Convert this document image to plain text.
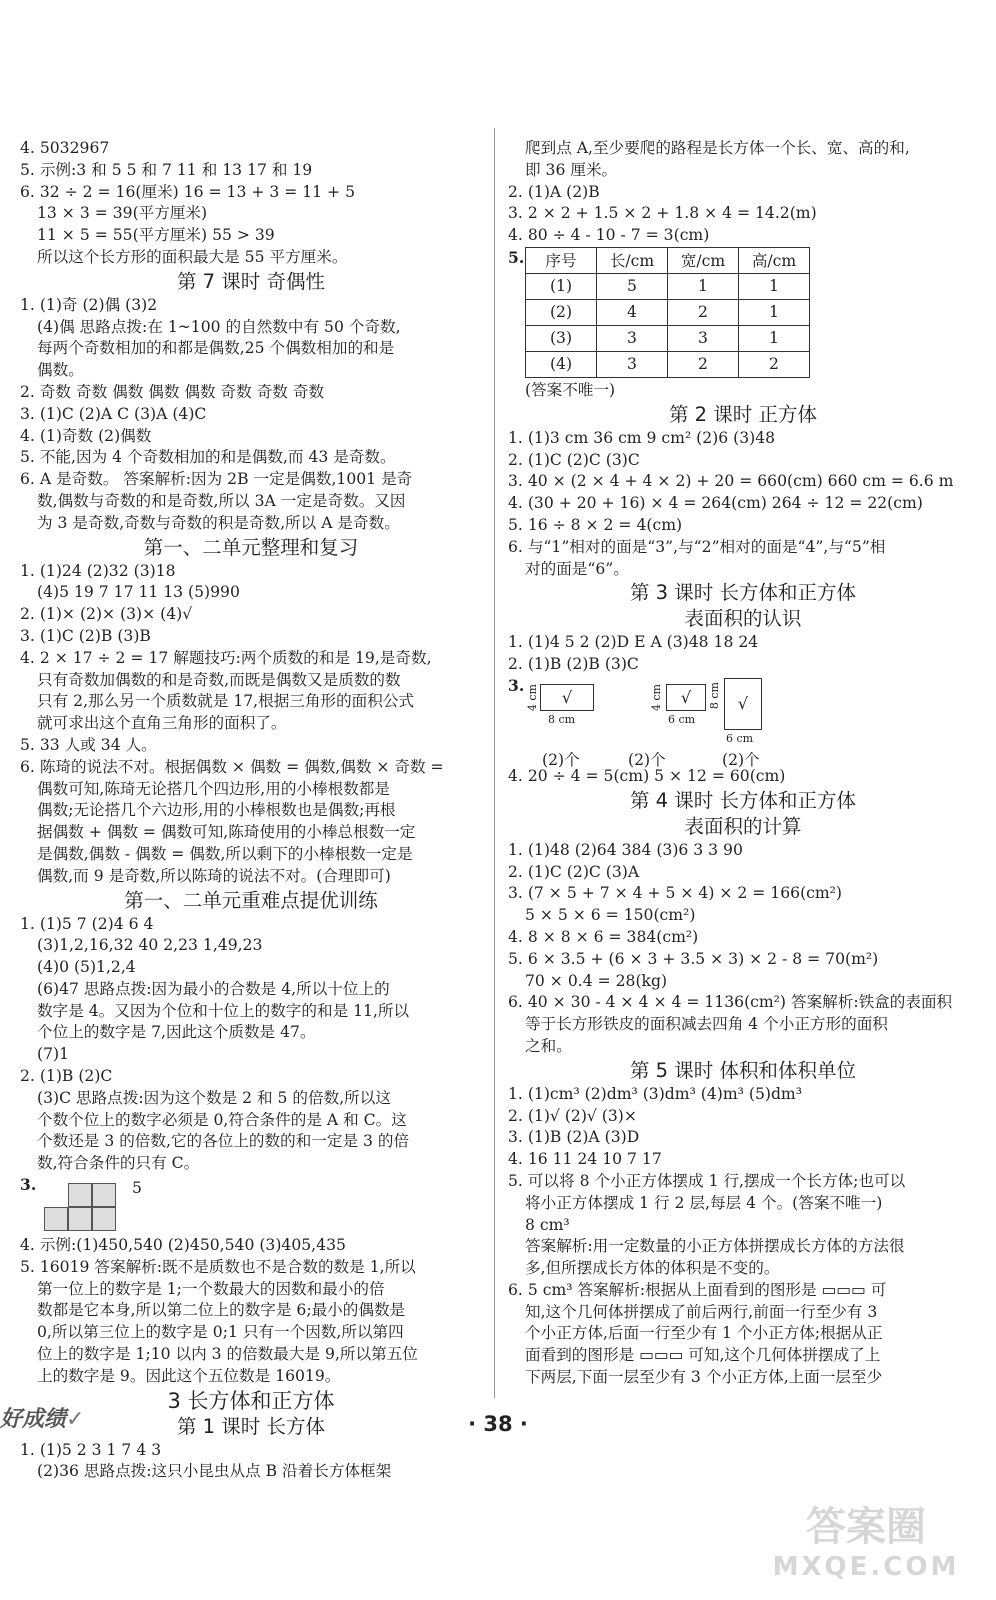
4. 5032967
5. 示例:3 和 5 5 和 7 11 和 13 17 和 19
6. 32 ÷ 2 = 16(厘米) 16 = 13 + 3 = 11 + 5
13 × 3 = 39(平方厘米)
11 × 5 = 55(平方厘米) 55 > 39
所以这个长方形的面积最大是 55 平方厘米。
第 7 课时 奇偶性
1. (1)奇 (2)偶 (3)2
(4)偶 思路点拨:在 1~100 的自然数中有 50 个奇数,
每两个奇数相加的和都是偶数,25 个偶数相加的和是
偶数。
2. 奇数 奇数 偶数 偶数 偶数 奇数 奇数 奇数
3. (1)C (2)A C (3)A (4)C
4. (1)奇数 (2)偶数
5. 不能,因为 4 个奇数相加的和是偶数,而 43 是奇数。
6. A 是奇数。 答案解析:因为 2B 一定是偶数,1001 是奇
数,偶数与奇数的和是奇数,所以 3A 一定是奇数。又因
为 3 是奇数,奇数与奇数的积是奇数,所以 A 是奇数。
第一、二单元整理和复习
1. (1)24 (2)32 (3)18
(4)5 19 7 17 11 13 (5)990
2. (1)× (2)× (3)× (4)√
3. (1)C (2)B (3)B
4. 2 × 17 ÷ 2 = 17 解题技巧:两个质数的和是 19,是奇数,
只有奇数加偶数的和是奇数,而既是偶数又是质数的数
只有 2,那么另一个质数就是 17,根据三角形的面积公式
就可求出这个直角三角形的面积了。
5. 33 人或 34 人。
6. 陈琦的说法不对。根据偶数 × 偶数 = 偶数,偶数 × 奇数 =
偶数可知,陈琦无论搭几个四边形,用的小棒根数都是
偶数;无论搭几个六边形,用的小棒根数也是偶数;再根
据偶数 + 偶数 = 偶数可知,陈琦使用的小棒总根数一定
是偶数,偶数 - 偶数 = 偶数,所以剩下的小棒根数一定是
偶数,而 9 是奇数,所以陈琦的说法不对。(合理即可)
第一、二单元重难点提优训练
1. (1)5 7 (2)4 6 4
(3)1,2,16,32 40 2,23 1,49,23
(4)0 (5)1,2,4
(6)47 思路点拨:因为最小的合数是 4,所以十位上的
数字是 4。又因为个位和十位上的数字的和是 11,所以
个位上的数字是 7,因此这个质数是 47。
(7)1
2. (1)B (2)C
(3)C 思路点拨:因为这个数是 2 和 5 的倍数,所以这
个数个位上的数字必须是 0,符合条件的是 A 和 C。这
个数还是 3 的倍数,它的各位上的数的和一定是 3 的倍
数,符合条件的只有 C。
3.	5
4. 示例:(1)450,540 (2)450,540 (3)405,435
5. 16019 答案解析:既不是质数也不是合数的数是 1,所以
第一位上的数字是 1;一个数最大的因数和最小的倍
数都是它本身,所以第二位上的数字是 6;最小的偶数是
0,所以第三位上的数字是 0;1 只有一个因数,所以第四
位上的数字是 1;10 以内 3 的倍数最大是 9,所以第五位
上的数字是 9。因此这个五位数是 16019。
3 长方体和正方体
第 1 课时 长方体
1. (1)5 2 3 1 7 4 3
(2)36 思路点拨:这只小昆虫从点 B 沿着长方体框架
爬到点 A,至少要爬的路程是长方体一个长、宽、高的和,
即 36 厘米。
2. (1)A (2)B
3. 2 × 2 + 1.5 × 2 + 1.8 × 4 = 14.2(m)
4. 80 ÷ 4 - 10 - 7 = 3(cm)
5. 序号	长/cm	宽/cm	高/cm
(1)	5	1	1
(2)	4	2	1
(3)	3	3	1
(4)	3	2	2
(答案不唯一)
第 2 课时 正方体
1. (1)3 cm 36 cm 9 cm² (2)6 (3)48
2. (1)C (2)C (3)C
3. 40 × (2 × 4 + 4 × 2) + 20 = 660(cm) 660 cm = 6.6 m
4. (30 + 20 + 16) × 4 = 264(cm) 264 ÷ 12 = 22(cm)
5. 16 ÷ 8 × 2 = 4(cm)
6. 与“1”相对的面是“3”,与“2”相对的面是“4”,与“5”相
对的面是“6”。
第 3 课时 长方体和正方体
表面积的认识
1. (1)4 5 2 (2)D E A (3)48 18 24
2. (1)B (2)B (3)C
3.
√
4 cm
8 cm
√
4 cm
6 cm
√
8 cm
6 cm
(2)个	(2)个	(2)个
4. 20 ÷ 4 = 5(cm) 5 × 12 = 60(cm)
第 4 课时 长方体和正方体
表面积的计算
1. (1)48 (2)64 384 (3)6 3 3 90
2. (1)C (2)C (3)A
3. (7 × 5 + 7 × 4 + 5 × 4) × 2 = 166(cm²)
5 × 5 × 6 = 150(cm²)
4. 8 × 8 × 6 = 384(cm²)
5. 6 × 3.5 + (6 × 3 + 3.5 × 3) × 2 - 8 = 70(m²)
70 × 0.4 = 28(kg)
6. 40 × 30 - 4 × 4 × 4 = 1136(cm²) 答案解析:铁盒的表面积
等于长方形铁皮的面积减去四角 4 个小正方形的面积
之和。
第 5 课时 体积和体积单位
1. (1)cm³ (2)dm³ (3)dm³ (4)m³ (5)dm³
2. (1)√ (2)√ (3)×
3. (1)B (2)A (3)D
4. 16 11 24 10 7 17
5. 可以将 8 个小正方体摆成 1 行,摆成一个长方体;也可以
将小正方体摆成 1 行 2 层,每层 4 个。(答案不唯一)
8 cm³
答案解析:用一定数量的小正方体拼摆成长方体的方法很
多,但所摆成长方体的体积是不变的。
6. 5 cm³ 答案解析:根据从上面看到的图形是 ▭▭▭ 可
知,这个几何体拼摆成了前后两行,前面一行至少有 3
个小正方体,后面一行至少有 1 个小正方体;根据从正
面看到的图形是 ▭▭▭ 可知,这个几何体拼摆成了上
下两层,下面一层至少有 3 个小正方体,上面一层至少
好成绩✓	· 38 ·
答案圈
MXQE.COM
